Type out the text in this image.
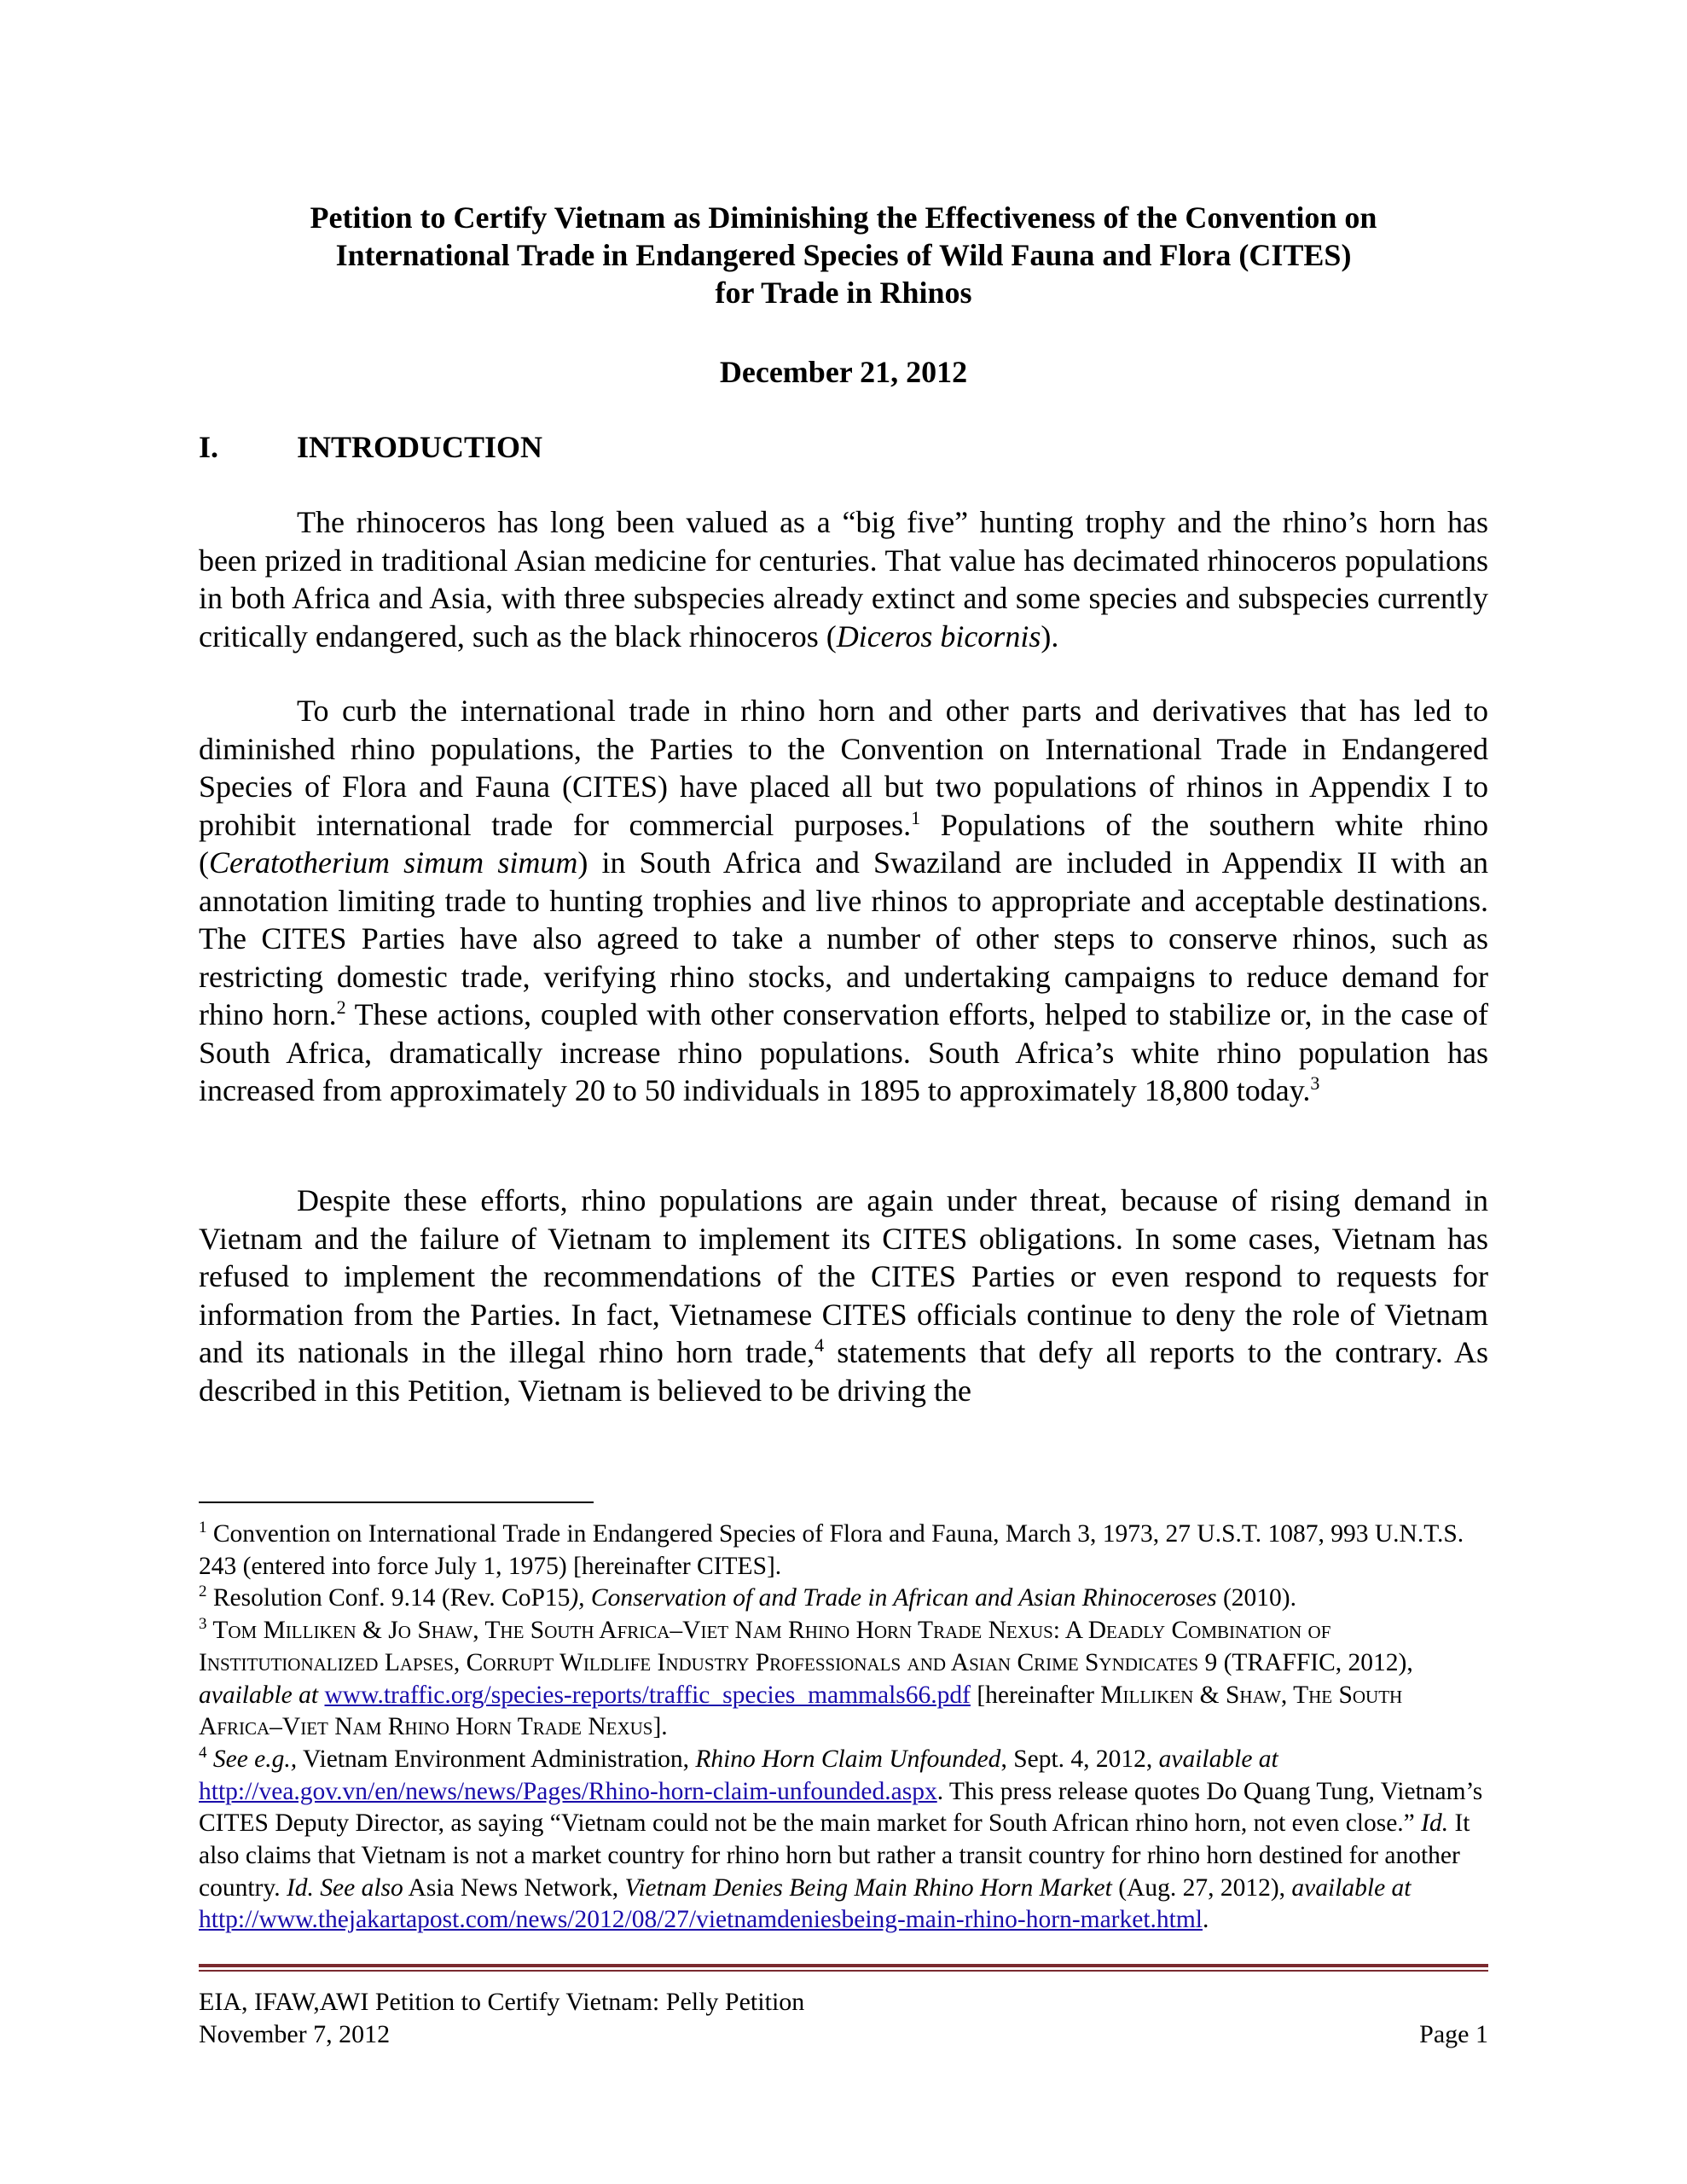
Petition to Certify Vietnam as Diminishing the Effectiveness of the Convention on
International Trade in Endangered Species of Wild Fauna and Flora (CITES)
for Trade in Rhinos
December 21, 2012
I.	INTRODUCTION

The rhinoceros has long been valued as a “big five” hunting trophy and the rhino’s horn has been prized in traditional Asian medicine for centuries. That value has decimated rhinoceros populations in both Africa and Asia, with three subspecies already extinct and some species and subspecies currently critically endangered, such as the black rhinoceros (Diceros bicornis).

To curb the international trade in rhino horn and other parts and derivatives that has led to diminished rhino populations, the Parties to the Convention on International Trade in Endangered Species of Flora and Fauna (CITES) have placed all but two populations of rhinos in Appendix I to prohibit international trade for commercial purposes.$^1$ Populations of the southern white rhino (Ceratotherium simum simum) in South Africa and Swaziland are included in Appendix II with an annotation limiting trade to hunting trophies and live rhinos to appropriate and acceptable destinations. The CITES Parties have also agreed to take a number of other steps to conserve rhinos, such as restricting domestic trade, verifying rhino stocks, and undertaking campaigns to reduce demand for rhino horn.$^2$ These actions, coupled with other conservation efforts, helped to stabilize or, in the case of South Africa, dramatically increase rhino populations. South Africa’s white rhino population has increased from approximately 20 to 50 individuals in 1895 to approximately 18,800 today.$^3$

Despite these efforts, rhino populations are again under threat, because of rising demand in Vietnam and the failure of Vietnam to implement its CITES obligations. In some cases, Vietnam has refused to implement the recommendations of the CITES Parties or even respond to requests for information from the Parties. In fact, Vietnamese CITES officials continue to deny the role of Vietnam and its nationals in the illegal rhino horn trade,$^4$ statements that defy all reports to the contrary. As described in this Petition, Vietnam is believed to be driving the

$^1$ Convention on International Trade in Endangered Species of Flora and Fauna, March 3, 1973, 27 U.S.T. 1087, 993 U.N.T.S. 243 (entered into force July 1, 1975) [hereinafter CITES].

$^2$ Resolution Conf. 9.14 (Rev. CoP15), Conservation of and Trade in African and Asian Rhinoceroses (2010).

$^3$ Tom Milliken & Jo Shaw, The South Africa–Viet Nam Rhino Horn Trade Nexus: A Deadly Combination of Institutionalized Lapses, Corrupt Wildlife Industry Professionals and Asian Crime Syndicates 9 (TRAFFIC, 2012), available at www.traffic.org/species-reports/traffic_species_mammals66.pdf [hereinafter Milliken & Shaw, The South Africa–Viet Nam Rhino Horn Trade Nexus].

$^4$ See e.g., Vietnam Environment Administration, Rhino Horn Claim Unfounded, Sept. 4, 2012, available at http://vea.gov.vn/en/news/news/Pages/Rhino-horn-claim-unfounded.aspx. This press release quotes Do Quang Tung, Vietnam’s CITES Deputy Director, as saying “Vietnam could not be the main market for South African rhino horn, not even close.” Id. It also claims that Vietnam is not a market country for rhino horn but rather a transit country for rhino horn destined for another country. Id. See also Asia News Network, Vietnam Denies Being Main Rhino Horn Market (Aug. 27, 2012), available at http://www.thejakartapost.com/news/2012/08/27/vietnamdeniesbeing-main-rhino-horn-market.html.

EIA, IFAW,AWI Petition to Certify Vietnam: Pelly Petition
November 7, 2012	Page 1
